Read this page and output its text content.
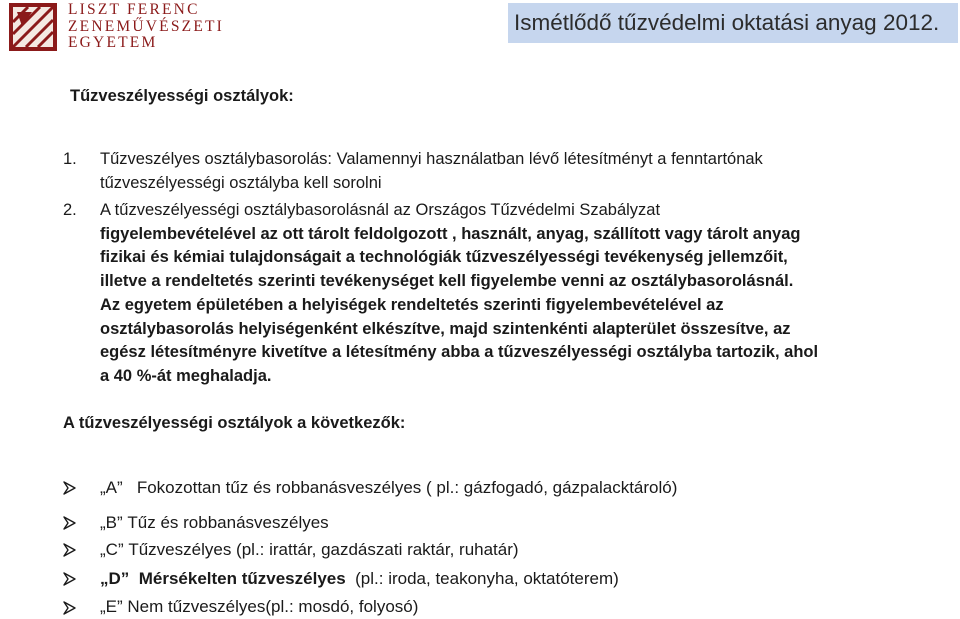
LISZT FERENC
ZENEMŰVÉSZETI
EGYETEM
Ismétlődő tűzvédelmi oktatási anyag 2012.
Tűzveszélyességi osztályok:
1. Tűzveszélyes osztálybasorolás: Valamennyi használatban lévő létesítményt a fenntartónak
tűzveszélyességi osztályba kell sorolni
2. A tűzveszélyességi osztálybasorolásnál az Országos Tűzvédelmi Szabályzat
figyelembevételével az ott tárolt feldolgozott , használt, anyag, szállított vagy tárolt anyag
fizikai és kémiai tulajdonságait a technológiák tűzveszélyességi tevékenység jellemzőit,
illetve a rendeltetés szerinti tevékenységet kell figyelembe venni az osztálybasorolásnál.
Az egyetem épületében a helyiségek rendeltetés szerinti figyelembevételével az
osztálybasorolás helyiségenként elkészítve, majd szintenkénti alapterület összesítve, az
egész létesítményre kivetítve a létesítmény abba a tűzveszélyességi osztályba tartozik, ahol
a 40 %-át meghaladja.
A tűzveszélyességi osztályok a következők:
„A” Fokozottan tűz és robbanásveszélyes ( pl.: gázfogadó, gázpalacktároló)
„B” Tűz és robbanásveszélyes
„C” Tűzveszélyes (pl.: irattár, gazdászati raktár, ruhatár)
„D” Mérsékelten tűzveszélyes (pl.: iroda, teakonyha, oktatóterem)
„E” Nem tűzveszélyes(pl.: mosdó, folyosó)
